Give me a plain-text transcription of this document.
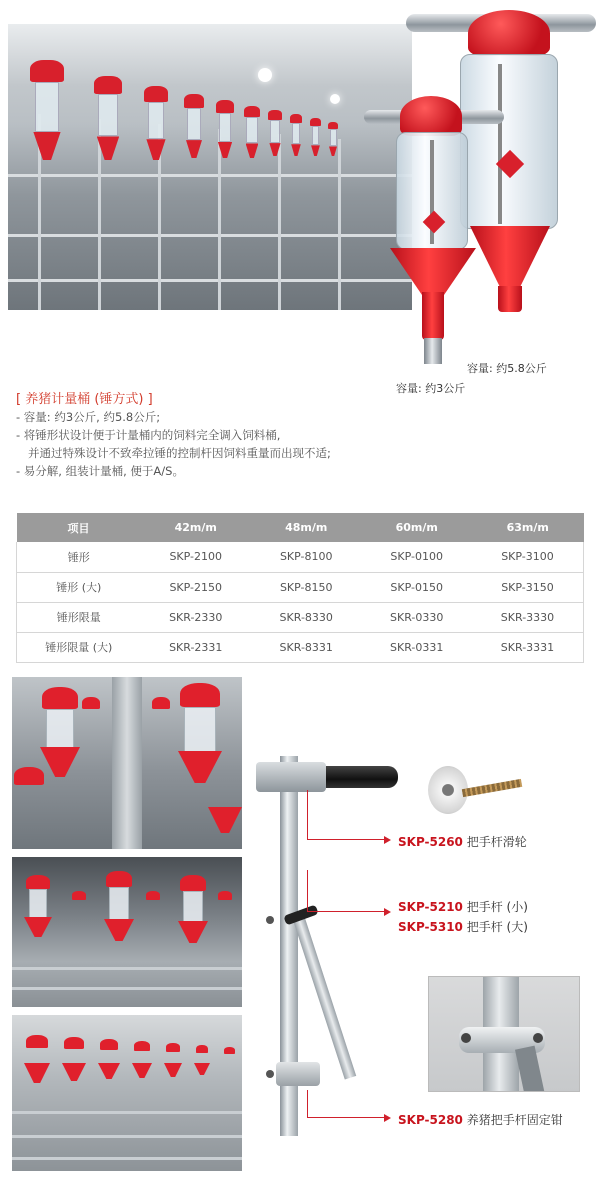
容量: 约5.8公斤
容量: 约3公斤
[ 养猪计量桶 (锤方式) ]
- 容量: 约3公斤, 约5.8公斤;
- 将锤形状设计便于计量桶内的饲料完全调入饲料桶,
并通过特殊设计不致牵拉锤的控制杆因饲料重量而出现不适;
- 易分解, 组装计量桶, 便于A/S。
项目	42m/m	48m/m	60m/m	63m/m
锤形	SKP-2100	SKP-8100	SKP-0100	SKP-3100
锤形 (大)	SKP-2150	SKP-8150	SKP-0150	SKP-3150
锤形限量	SKR-2330	SKR-8330	SKR-0330	SKR-3330
锤形限量 (大)	SKR-2331	SKR-8331	SKR-0331	SKR-3331
SKP-5260 把手杆滑轮
SKP-5210 把手杆 (小)
SKP-5310 把手杆 (大)
SKP-5280 养猪把手杆固定钳
